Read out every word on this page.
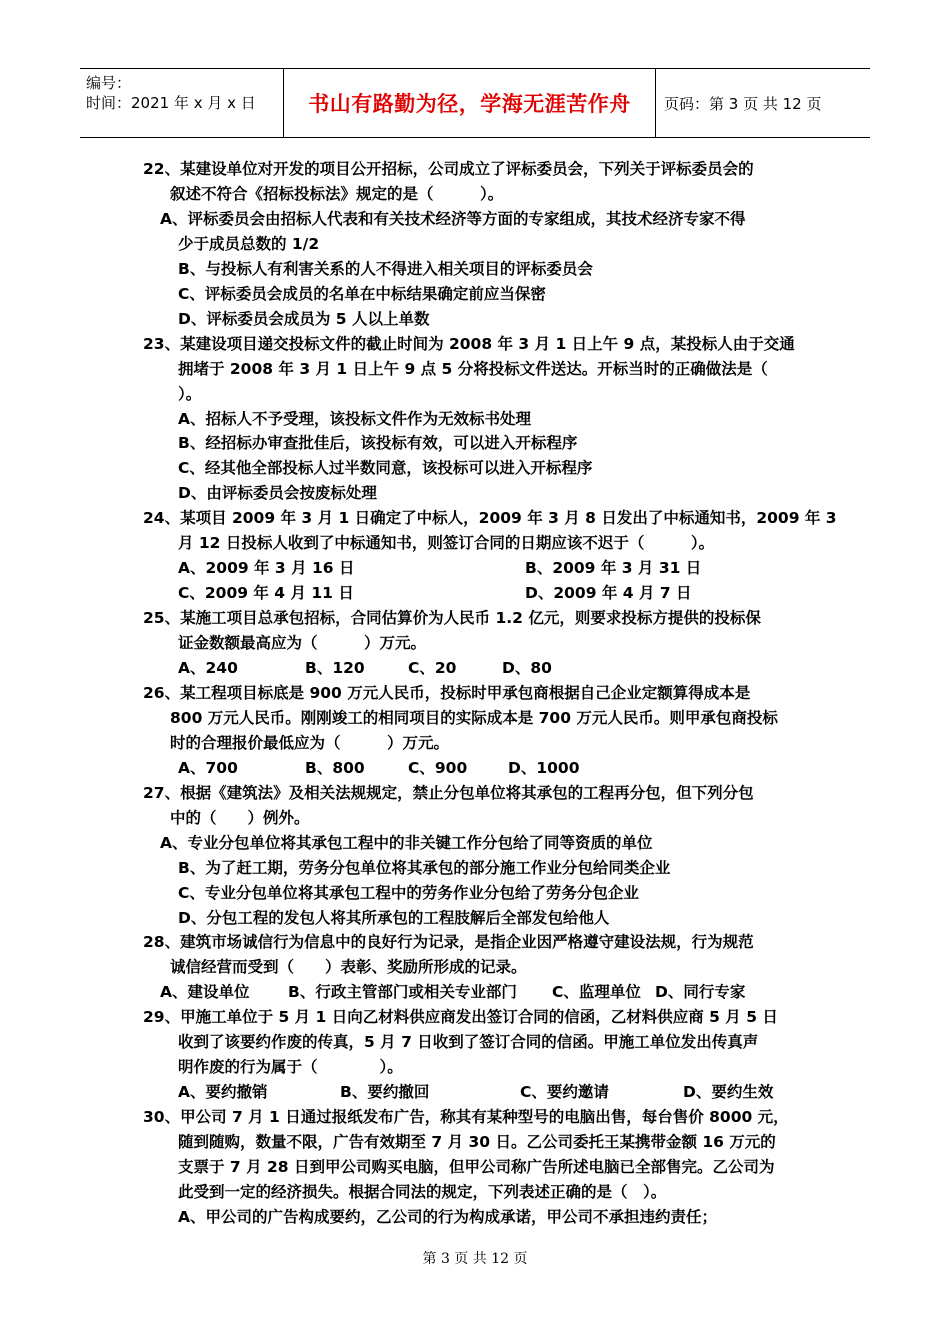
编号：
时间：2021 年 x 月 x 日	书山有路勤为径，学海无涯苦作舟	页码：第 3 页 共 12 页
22、某建设单位对开发的项目公开招标，公司成立了评标委员会，下列关于评标委员会的
叙述不符合《招标投标法》规定的是（　　　）。
A、评标委员会由招标人代表和有关技术经济等方面的专家组成，其技术经济专家不得
少于成员总数的 1/2
B、与投标人有利害关系的人不得进入相关项目的评标委员会
C、评标委员会成员的名单在中标结果确定前应当保密
D、评标委员会成员为 5 人以上单数
23、某建设项目递交投标文件的截止时间为 2008 年 3 月 1 日上午 9 点，某投标人由于交通
拥堵于 2008 年 3 月 1 日上午 9 点 5 分将投标文件送达。开标当时的正确做法是（
）。
A、招标人不予受理，该投标文件作为无效标书处理
B、经招标办审查批佳后，该投标有效，可以进入开标程序
C、经其他全部投标人过半数同意，该投标可以进入开标程序
D、由评标委员会按废标处理
24、某项目 2009 年 3 月 1 日确定了中标人，2009 年 3 月 8 日发出了中标通知书，2009 年 3
月 12 日投标人收到了中标通知书，则签订合同的日期应该不迟于（　　　）。
A、2009 年 3 月 16 日	B、2009 年 3 月 31 日
C、2009 年 4 月 11 日	D、2009 年 4 月 7 日
25、某施工项目总承包招标，合同估算价为人民币 1.2 亿元，则要求投标方提供的投标保
证金数额最高应为（　　　）万元。
A、240	B、120	C、20	D、80
26、某工程项目标底是 900 万元人民币，投标时甲承包商根据自己企业定额算得成本是
800 万元人民币。刚刚竣工的相同项目的实际成本是 700 万元人民币。则甲承包商投标
时的合理报价最低应为（　　　）万元。
A、700	B、800	C、900	D、1000
27、根据《建筑法》及相关法规规定，禁止分包单位将其承包的工程再分包，但下列分包
中的（　　）例外。
A、专业分包单位将其承包工程中的非关键工作分包给了同等资质的单位
B、为了赶工期，劳务分包单位将其承包的部分施工作业分包给同类企业
C、专业分包单位将其承包工程中的劳务作业分包给了劳务分包企业
D、分包工程的发包人将其所承包的工程肢解后全部发包给他人
28、建筑市场诚信行为信息中的良好行为记录，是指企业因严格遵守建设法规，行为规范
诚信经营而受到（　　）表彰、奖励所形成的记录。
A、建设单位 B、行政主管部门或相关专业部门 C、监理单位 D、同行专家
29、甲施工单位于 5 月 1 日向乙材料供应商发出签订合同的信函，乙材料供应商 5 月 5 日
收到了该要约作废的传真，5 月 7 日收到了签订合同的信函。甲施工单位发出传真声
明作废的行为属于（　　　　）。
A、要约撤销	B、要约撤回	C、要约邀请	D、要约生效
30、甲公司 7 月 1 日通过报纸发布广告，称其有某种型号的电脑出售，每台售价 8000 元，
随到随购，数量不限，广告有效期至 7 月 30 日。乙公司委托王某携带金额 16 万元的
支票于 7 月 28 日到甲公司购买电脑，但甲公司称广告所述电脑已全部售完。乙公司为
此受到一定的经济损失。根据合同法的规定，下列表述正确的是（　）。
A、甲公司的广告构成要约，乙公司的行为构成承诺，甲公司不承担违约责任；
第 3 页 共 12 页
